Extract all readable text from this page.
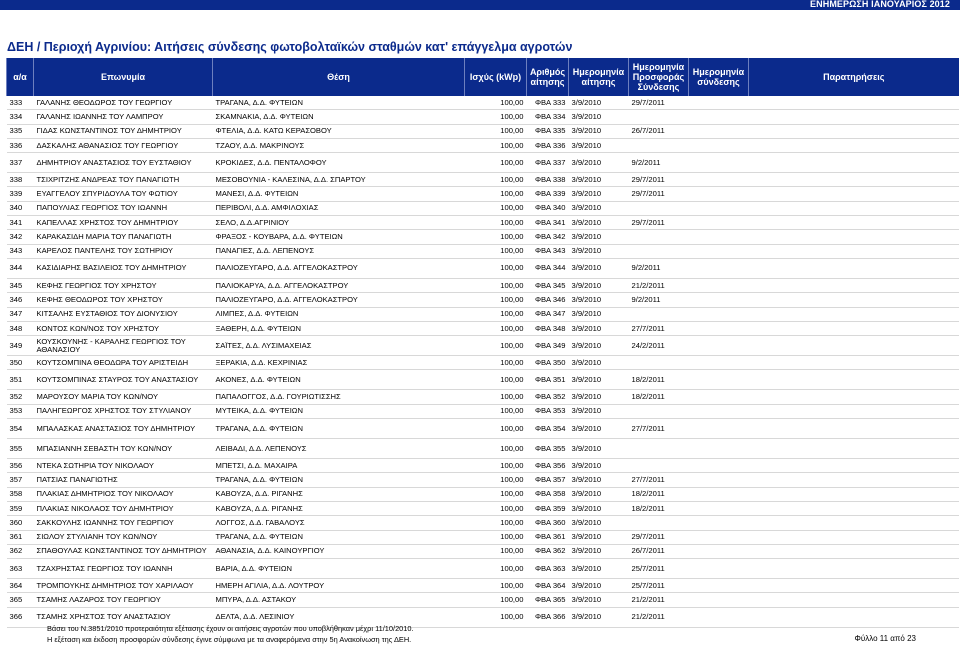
ΕΝΗΜΕΡΩΣΗ ΙΑΝΟΥΑΡΙΟΣ 2012
ΔΕΗ / Περιοχή Αγρινίου: Αιτήσεις σύνδεσης φωτοβολταϊκών σταθμών κατ' επάγγελμα αγροτών
α/α	Επωνυμία	Θέση	Ισχύς (kWp)	Αριθμός αίτησης	Ημερομηνία αίτησης	Ημερομηνία Προσφοράς Σύνδεσης	Ημερομηνία σύνδεσης	Παρατηρήσεις
333	ΓΑΛΑΝΗΣ ΘΕΟΔΩΡΟΣ ΤΟΥ ΓΕΩΡΓΙΟΥ	ΤΡΑΓΑΝΑ, Δ.Δ. ΦΥΤΕΙΩΝ	100,00	ΦΒΑ 333	3/9/2010	29/7/2011		
334	ΓΑΛΑΝΗΣ ΙΩΑΝΝΗΣ ΤΟΥ ΛΑΜΠΡΟΥ	ΣΚΑΜΝΑΚΙΑ, Δ.Δ. ΦΥΤΕΙΩΝ	100,00	ΦΒΑ 334	3/9/2010			
335	ΓΙΔΑΣ ΚΩΝΣΤΑΝΤΙΝΟΣ ΤΟΥ ΔΗΜΗΤΡΙΟΥ	ΦΤΕΛΙΑ, Δ.Δ. ΚΑΤΩ ΚΕΡΑΣΟΒΟΥ	100,00	ΦΒΑ 335	3/9/2010	26/7/2011		
336	ΔΑΣΚΑΛΗΣ ΑΘΑΝΑΣΙΟΣ ΤΟΥ ΓΕΩΡΓΙΟΥ	ΤΖΑΟΥ, Δ.Δ. ΜΑΚΡΙΝΟΥΣ	100,00	ΦΒΑ 336	3/9/2010			
337	ΔΗΜΗΤΡΙΟΥ ΑΝΑΣΤΑΣΙΟΣ ΤΟΥ ΕΥΣΤΑΘΙΟΥ	ΚΡΟΚΙΔΕΣ, Δ.Δ. ΠΕΝΤΑΛΟΦΟΥ	100,00	ΦΒΑ 337	3/9/2010	9/2/2011		
338	ΤΣΙΧΡΙΤΖΗΣ ΑΝΔΡΕΑΣ ΤΟΥ ΠΑΝΑΓΙΩΤΗ	ΜΕΣΟΒΟΥΝΙΑ - ΚΑΛΕΣΙΝΑ, Δ.Δ. ΣΠΑΡΤΟΥ	100,00	ΦΒΑ 338	3/9/2010	29/7/2011		
339	ΕΥΑΓΓΕΛΟΥ ΣΠΥΡΙΔΟΥΛΑ ΤΟΥ ΦΩΤΙΟΥ	ΜΑΝΕΣΙ, Δ.Δ. ΦΥΤΕΙΩΝ	100,00	ΦΒΑ 339	3/9/2010	29/7/2011		
340	ΠΑΠΟΥΛΙΑΣ ΓΕΩΡΓΙΟΣ ΤΟΥ ΙΩΑΝΝΗ	ΠΕΡΙΒΟΛΙ, Δ.Δ. ΑΜΦΙΛΟΧΙΑΣ	100,00	ΦΒΑ 340	3/9/2010			
341	ΚΑΠΕΛΛΑΣ ΧΡΗΣΤΟΣ ΤΟΥ ΔΗΜΗΤΡΙΟΥ	ΣΕΛΟ, Δ.Δ.ΑΓΡΙΝΙΟΥ	100,00	ΦΒΑ 341	3/9/2010	29/7/2011		
342	ΚΑΡΑΚΑΣΙΔΗ ΜΑΡΙΑ ΤΟΥ ΠΑΝΑΓΙΩΤΗ	ΦΡΑΞΟΣ - ΚΟΥΒΑΡΑ, Δ.Δ. ΦΥΤΕΙΩΝ	100,00	ΦΒΑ 342	3/9/2010			
343	ΚΑΡΕΛΟΣ ΠΑΝΤΕΛΗΣ ΤΟΥ ΣΩΤΗΡΙΟΥ	ΠΑΝΑΓΙΕΣ, Δ.Δ. ΛΕΠΕΝΟΥΣ	100,00	ΦΒΑ 343	3/9/2010			
344	ΚΑΣΙΔΙΑΡΗΣ ΒΑΣΙΛΕΙΟΣ ΤΟΥ ΔΗΜΗΤΡΙΟΥ	ΠΑΛΙΟΖΕΥΓΑΡΟ, Δ.Δ. ΑΓΓΕΛΟΚΑΣΤΡΟΥ	100,00	ΦΒΑ 344	3/9/2010	9/2/2011		
345	ΚΕΦΗΣ ΓΕΩΡΓΙΟΣ ΤΟΥ ΧΡΗΣΤΟΥ	ΠΑΛΙΟΚΑΡΥΑ, Δ.Δ. ΑΓΓΕΛΟΚΑΣΤΡΟΥ	100,00	ΦΒΑ 345	3/9/2010	21/2/2011		
346	ΚΕΦΗΣ ΘΕΟΔΩΡΟΣ ΤΟΥ ΧΡΗΣΤΟΥ	ΠΑΛΙΟΖΕΥΓΑΡΟ, Δ.Δ. ΑΓΓΕΛΟΚΑΣΤΡΟΥ	100,00	ΦΒΑ 346	3/9/2010	9/2/2011		
347	ΚΙΤΣΑΛΗΣ ΕΥΣΤΑΘΙΟΣ ΤΟΥ ΔΙΟΝΥΣΙΟΥ	ΛΙΜΠΕΣ, Δ.Δ. ΦΥΤΕΙΩΝ	100,00	ΦΒΑ 347	3/9/2010			
348	ΚΟΝΤΟΣ ΚΩΝ/ΝΟΣ ΤΟΥ ΧΡΗΣΤΟΥ	ΞΑΘΕΡΗ, Δ.Δ. ΦΥΤΕΙΩΝ	100,00	ΦΒΑ 348	3/9/2010	27/7/2011		
349	ΚΟΥΣΚΟΥΝΗΣ - ΚΑΡΑΛΗΣ ΓΕΩΡΓΙΟΣ ΤΟΥ ΑΘΑΝΑΣΙΟΥ	ΣΑΪΤΕΣ, Δ.Δ. ΛΥΣΙΜΑΧΕΙΑΣ	100,00	ΦΒΑ 349	3/9/2010	24/2/2011		
350	ΚΟΥΤΣΟΜΠΙΝΑ ΘΕΟΔΩΡΑ ΤΟΥ ΑΡΙΣΤΕΙΔΗ	ΞΕΡΑΚΙΑ, Δ.Δ. ΚΕΧΡΙΝΙΑΣ	100,00	ΦΒΑ 350	3/9/2010			
351	ΚΟΥΤΣΟΜΠΙΝΑΣ ΣΤΑΥΡΟΣ ΤΟΥ ΑΝΑΣΤΑΣΙΟΥ	ΑΚΟΝΕΣ, Δ.Δ. ΦΥΤΕΙΩΝ	100,00	ΦΒΑ 351	3/9/2010	18/2/2011		
352	ΜΑΡΟΥΣΟΥ ΜΑΡΙΑ ΤΟΥ ΚΩΝ/ΝΟΥ	ΠΑΠΑΛΟΓΓΟΣ, Δ.Δ. ΓΟΥΡΙΩΤΙΣΣΗΣ	100,00	ΦΒΑ 352	3/9/2010	18/2/2011		
353	ΠΑΛΗΓΕΩΡΓΟΣ ΧΡΗΣΤΟΣ ΤΟΥ ΣΤΥΛΙΑΝΟΥ	ΜΥΤΕΙΚΑ, Δ.Δ. ΦΥΤΕΙΩΝ	100,00	ΦΒΑ 353	3/9/2010			
354	ΜΠΑΛΑΣΚΑΣ ΑΝΑΣΤΑΣΙΟΣ ΤΟΥ ΔΗΜΗΤΡΙΟΥ	ΤΡΑΓΑΝΑ, Δ.Δ. ΦΥΤΕΙΩΝ	100,00	ΦΒΑ 354	3/9/2010	27/7/2011		
355	ΜΠΑΣΙΑΝΝΗ ΣΕΒΑΣΤΗ ΤΟΥ ΚΩΝ/ΝΟΥ	ΛΕΙΒΑΔΙ, Δ.Δ. ΛΕΠΕΝΟΥΣ	100,00	ΦΒΑ 355	3/9/2010			
356	ΝΤΕΚΑ ΣΩΤΗΡΙΑ ΤΟΥ ΝΙΚΟΛΑΟΥ	ΜΠΕΤΣΙ, Δ.Δ. ΜΑΧΑΙΡΑ	100,00	ΦΒΑ 356	3/9/2010			
357	ΠΑΤΣΙΑΣ ΠΑΝΑΓΙΩΤΗΣ	ΤΡΑΓΑΝΑ, Δ.Δ. ΦΥΤΕΙΩΝ	100,00	ΦΒΑ 357	3/9/2010	27/7/2011		
358	ΠΛΑΚΙΑΣ ΔΗΜΗΤΡΙΟΣ ΤΟΥ ΝΙΚΟΛΑΟΥ	ΚΑΒΟΥΖΑ, Δ.Δ. ΡΙΓΑΝΗΣ	100,00	ΦΒΑ 358	3/9/2010	18/2/2011		
359	ΠΛΑΚΙΑΣ ΝΙΚΟΛΑΟΣ ΤΟΥ ΔΗΜΗΤΡΙΟΥ	ΚΑΒΟΥΖΑ, Δ.Δ. ΡΙΓΑΝΗΣ	100,00	ΦΒΑ 359	3/9/2010	18/2/2011		
360	ΣΑΚΚΟΥΛΗΣ ΙΩΑΝΝΗΣ ΤΟΥ ΓΕΩΡΓΙΟΥ	ΛΟΓΓΟΣ, Δ.Δ. ΓΑΒΑΛΟΥΣ	100,00	ΦΒΑ 360	3/9/2010			
361	ΣΙΩΛΟΥ ΣΤΥΛΙΑΝΗ ΤΟΥ ΚΩΝ/ΝΟΥ	ΤΡΑΓΑΝΑ, Δ.Δ. ΦΥΤΕΙΩΝ	100,00	ΦΒΑ 361	3/9/2010	29/7/2011		
362	ΣΠΑΘΟΥΛΑΣ ΚΩΝΣΤΑΝΤΙΝΟΣ ΤΟΥ ΔΗΜΗΤΡΙΟΥ	ΑΘΑΝΑΣΙΑ, Δ.Δ. ΚΑΙΝΟΥΡΓΙΟΥ	100,00	ΦΒΑ 362	3/9/2010	26/7/2011		
363	ΤΖΑΧΡΗΣΤΑΣ ΓΕΩΡΓΙΟΣ ΤΟΥ ΙΩΑΝΝΗ	ΒΑΡΙΑ, Δ.Δ. ΦΥΤΕΙΩΝ	100,00	ΦΒΑ 363	3/9/2010	25/7/2011		
364	ΤΡΟΜΠΟΥΚΗΣ ΔΗΜΗΤΡΙΟΣ ΤΟΥ ΧΑΡΙΛΑΟΥ	ΗΜΕΡΗ ΑΓΙΛΙΑ, Δ.Δ. ΛΟΥΤΡΟΥ	100,00	ΦΒΑ 364	3/9/2010	25/7/2011		
365	ΤΣΑΜΗΣ ΛΑΖΑΡΟΣ ΤΟΥ ΓΕΩΡΓΙΟΥ	ΜΠΥΡΑ, Δ.Δ. ΑΣΤΑΚΟΥ	100,00	ΦΒΑ 365	3/9/2010	21/2/2011		
366	ΤΣΑΜΗΣ ΧΡΗΣΤΟΣ ΤΟΥ ΑΝΑΣΤΑΣΙΟΥ	ΔΕΛΤΑ, Δ.Δ. ΛΕΣΙΝΙΟΥ	100,00	ΦΒΑ 366	3/9/2010	21/2/2011		
Βάσει του Ν.3851/2010 προτεραιότητα εξέτασης έχουν οι αιτήσεις αγροτών που υποβλήθηκαν μέχρι 11/10/2010.
Η εξέταση και έκδοση προσφορών σύνδεσης έγινε σύμφωνα με τα αναφερόμενα στην 5η Ανακοίνωση της ΔΕΗ.	Φύλλο 11 από 23
